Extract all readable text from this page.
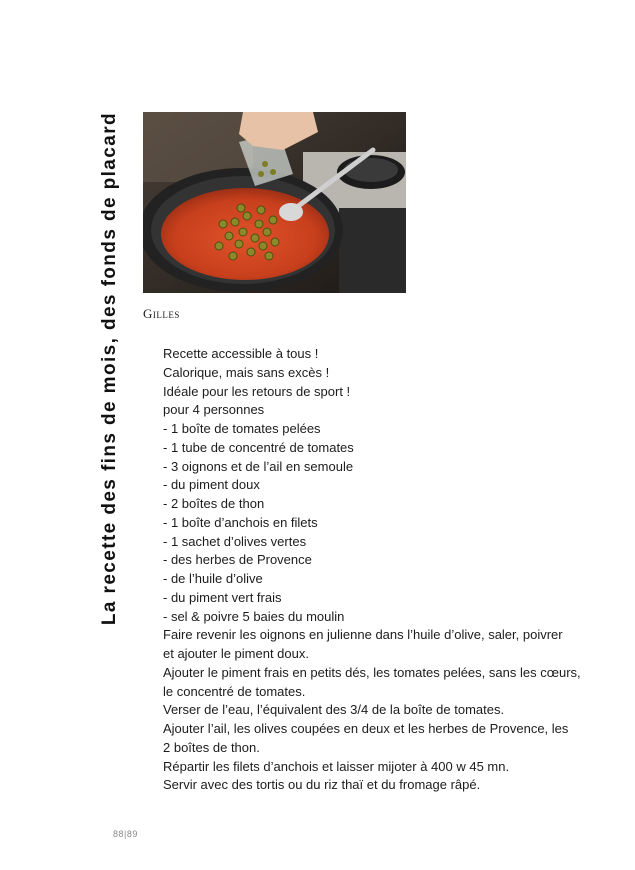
La recette des fins de mois, des fonds de placard	Gilles
Recette accessible à tous !
Calorique, mais sans excès !
Idéale pour les retours de sport !
pour 4 personnes
- 1 boîte de tomates pelées
- 1 tube de concentré de tomates
- 3 oignons et de l’ail en semoule
- du piment doux
- 2 boîtes de thon
- 1 boîte d’anchois en filets
- 1 sachet d’olives vertes
- des herbes de Provence
- de l’huile d’olive
- du piment vert frais
- sel & poivre 5 baies du moulin
Faire revenir les oignons en julienne dans l’huile d’olive, saler, poivrer
et ajouter le piment doux.
Ajouter le piment frais en petits dés, les tomates pelées, sans les cœurs,
le concentré de tomates.
Verser de l’eau, l’équivalent des 3/4 de la boîte de tomates.
Ajouter l’ail, les olives coupées en deux et les herbes de Provence, les
2 boîtes de thon.
Répartir les filets d’anchois et laisser mijoter à 400 w 45 mn.
Servir avec des tortis ou du riz thaï et du fromage râpé.
88|89
